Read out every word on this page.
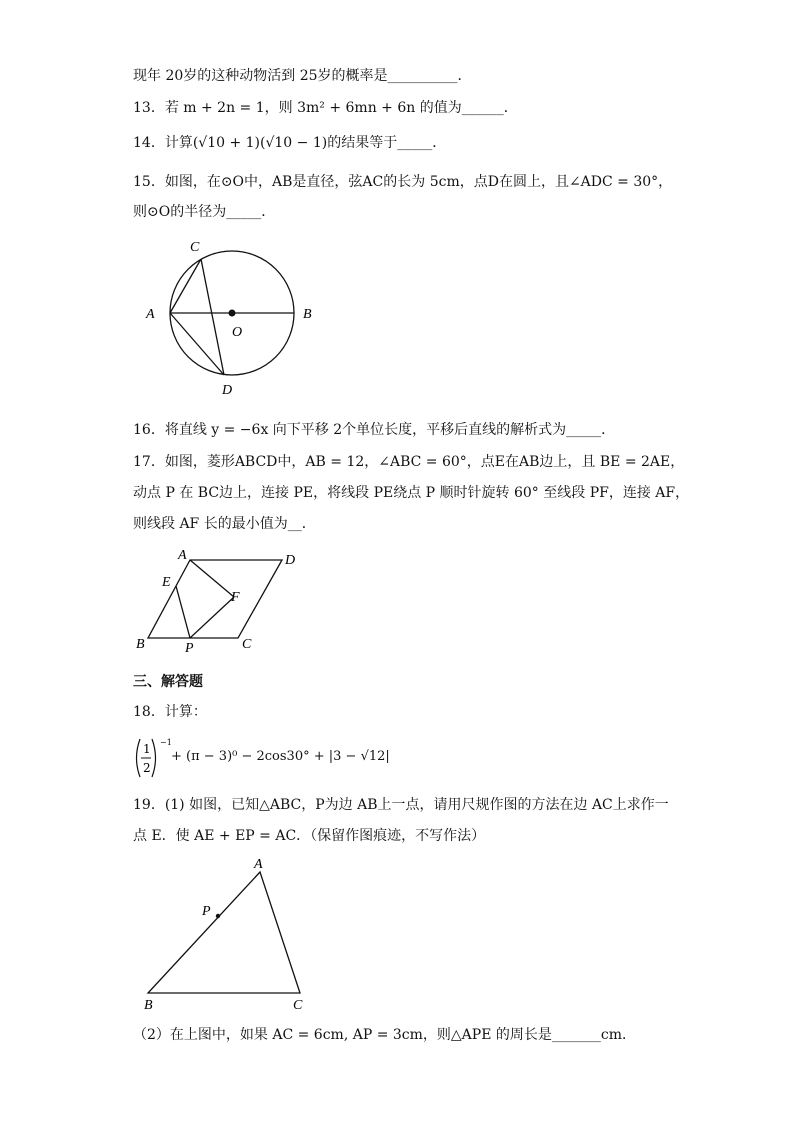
现年 20岁的这种动物活到 25岁的概率是__________．
13．若 m + 2n = 1，则 3m² + 6mn + 6n 的值为______．
14．计算(√10 + 1)(√10 − 1)的结果等于_____．
15．如图，在⊙O中，AB是直径，弦AC的长为 5cm，点D在圆上，且∠ADC = 30°，
则⊙O的半径为_____．
C
A	B
O
D
16．将直线 y = −6x 向下平移 2个单位长度，平移后直线的解析式为_____．
17．如图，菱形ABCD中，AB = 12，∠ABC = 60°，点E在AB边上，且 BE = 2AE，
动点 P 在 BC边上，连接 PE，将线段 PE绕点 P 顺时针旋转 60° 至线段 PF，连接 AF，
则线段 AF 长的最小值为__．
A	D
E
F
B	P	C
三、解答题
18．计算：
1
2
−1
+ (π − 3)⁰ − 2cos30° + |3 − √12|
19．(1) 如图，已知△ABC，P为边 AB上一点，请用尺规作图的方法在边 AC上求作一
点 E．使 AE + EP = AC．（保留作图痕迹，不写作法）
A
P
B	C
（2）在上图中，如果 AC = 6cm, AP = 3cm，则△APE 的周长是_______cm．
